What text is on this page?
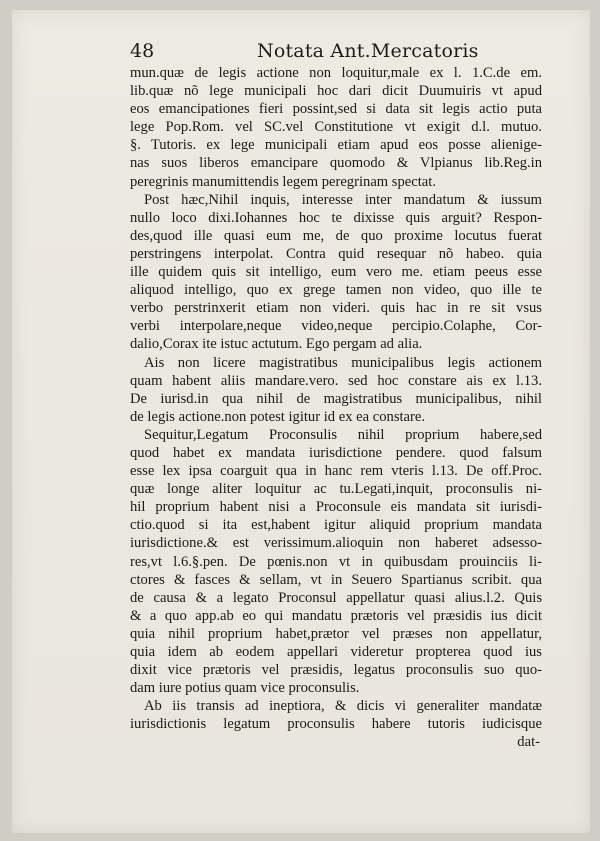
48	Notata Ant.Mercatoris
mun.quæ de legis actione non loquitur,male ex l. 1.C.de em.
lib.quæ nõ lege municipali hoc dari dicit Duumuiris vt apud
eos emancipationes fieri possint,sed si data sit legis actio puta
lege Pop.Rom. vel SC.vel Constitutione vt exigit d.l. mutuo.
§. Tutoris. ex lege municipali etiam apud eos posse alienige-
nas suos liberos emancipare quomodo & Vlpianus lib.Reg.in
peregrinis manumittendis legem peregrinam spectat.
Post hæc,Nihil inquis, interesse inter mandatum & iussum
nullo loco dixi.Iohannes hoc te dixisse quis arguit? Respon-
des,quod ille quasi eum me, de quo proxime locutus fuerat
perstringens interpolat. Contra quid resequar nõ habeo. quia
ille quidem quis sit intelligo, eum vero me. etiam peeus esse
aliquod intelligo, quo ex grege tamen non video, quo ille te
verbo perstrinxerit etiam non videri. quis hac in re sit vsus
verbi interpolare,neque video,neque percipio.Colaphe, Cor-
dalio,Corax ite istuc actutum. Ego pergam ad alia.
Ais non licere magistratibus municipalibus legis actionem
quam habent aliis mandare.vero. sed hoc constare ais ex l.13.
De iurisd.in qua nihil de magistratibus municipalibus, nihil
de legis actione.non potest igitur id ex ea constare.
Sequitur,Legatum Proconsulis nihil proprium habere,sed
quod habet ex mandata iurisdictione pendere. quod falsum
esse lex ipsa coarguit qua in hanc rem vteris l.13. De off.Proc.
quæ longe aliter loquitur ac tu.Legati,inquit, proconsulis ni-
hil proprium habent nisi a Proconsule eis mandata sit iurisdi-
ctio.quod si ita est,habent igitur aliquid proprium mandata
iurisdictione.& est verissimum.alioquin non haberet adsesso-
res,vt l.6.§.pen. De pœnis.non vt in quibusdam prouinciis li-
ctores & fasces & sellam, vt in Seuero Spartianus scribit. qua
de causa & a legato Proconsul appellatur quasi alius.l.2. Quis
& a quo app.ab eo qui mandatu prætoris vel præsidis ius dicit
quia nihil proprium habet,prætor vel præses non appellatur,
quia idem ab eodem appellari videretur propterea quod ius
dixit vice prætoris vel præsidis, legatus proconsulis suo quo-
dam iure potius quam vice proconsulis.
Ab iis transis ad ineptiora, & dicis vi generaliter mandatæ
iurisdictionis legatum proconsulis habere tutoris iudicisque
dat-
